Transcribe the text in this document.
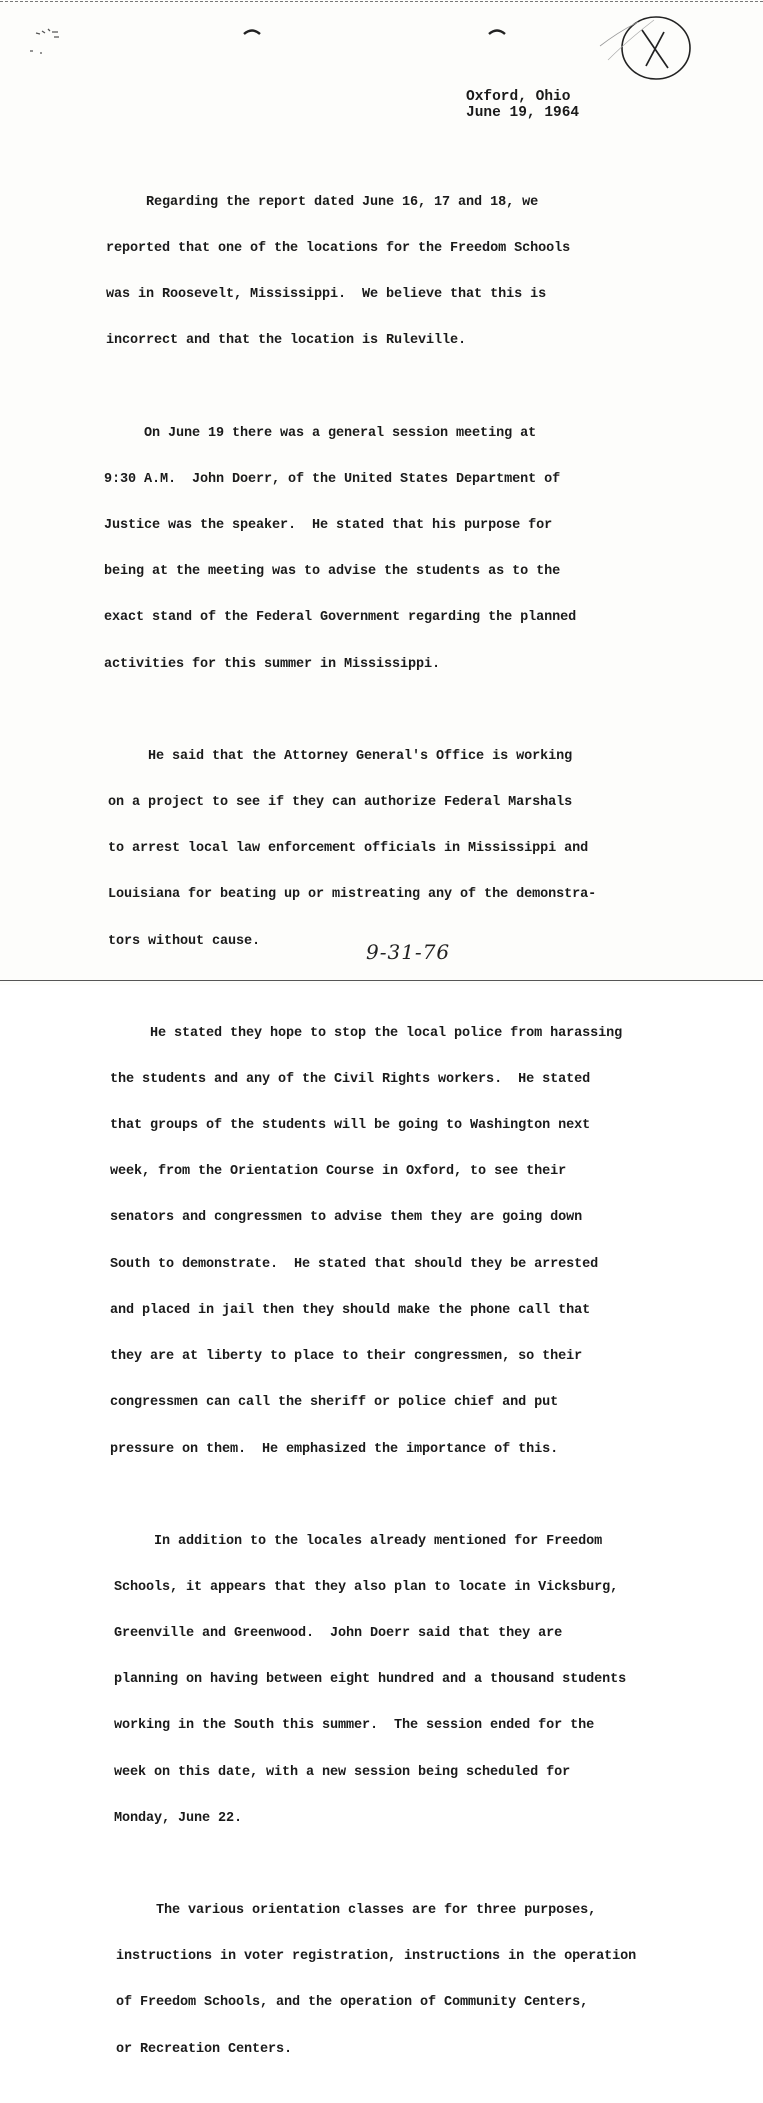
X
Oxford, Ohio
June 19, 1964

Regarding the report dated June 16, 17 and 18, we

reported that one of the locations for the Freedom Schools

was in Roosevelt, Mississippi.  We believe that this is

incorrect and that the location is Ruleville.

On June 19 there was a general session meeting at

9:30 A.M.  John Doerr, of the United States Department of

Justice was the speaker.  He stated that his purpose for

being at the meeting was to advise the students as to the

exact stand of the Federal Government regarding the planned

activities for this summer in Mississippi.

He said that the Attorney General's Office is working

on a project to see if they can authorize Federal Marshals

to arrest local law enforcement officials in Mississippi and

Louisiana for beating up or mistreating any of the demonstra-

tors without cause.

He stated they hope to stop the local police from harassing

the students and any of the Civil Rights workers.  He stated

that groups of the students will be going to Washington next

week, from the Orientation Course in Oxford, to see their

senators and congressmen to advise them they are going down

South to demonstrate.  He stated that should they be arrested

and placed in jail then they should make the phone call that

they are at liberty to place to their congressmen, so their

congressmen can call the sheriff or police chief and put

pressure on them.  He emphasized the importance of this.

In addition to the locales already mentioned for Freedom

Schools, it appears that they also plan to locate in Vicksburg,

Greenville and Greenwood.  John Doerr said that they are

planning on having between eight hundred and a thousand students

working in the South this summer.  The session ended for the

week on this date, with a new session being scheduled for

Monday, June 22.

The various orientation classes are for three purposes,

instructions in voter registration, instructions in the operation

of Freedom Schools, and the operation of Community Centers,

or Recreation Centers.

9-31-76
